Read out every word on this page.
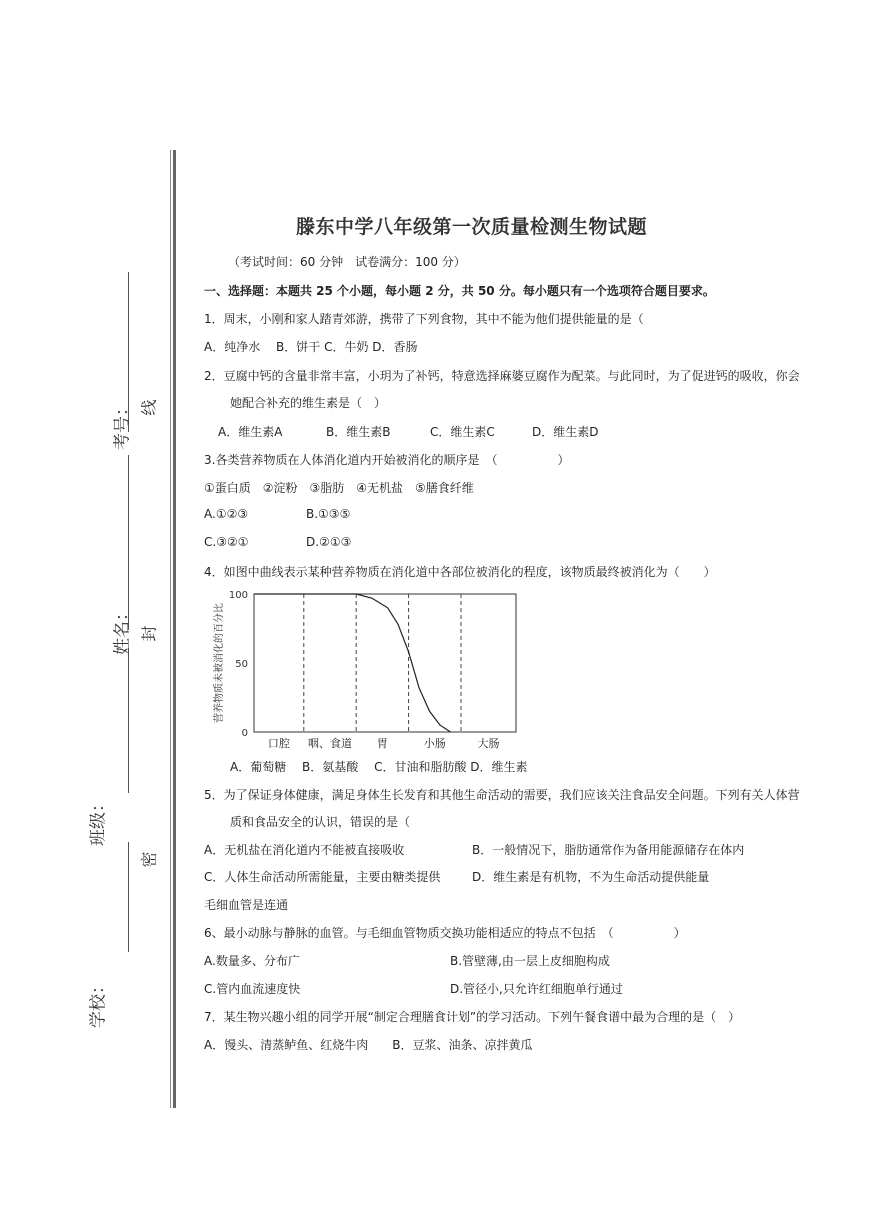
考号：
姓名：
班级：
学校：
线
封
密
滕东中学八年级第一次质量检测生物试题
（考试时间：60 分钟　试卷满分：100 分）
一、选择题：本题共 25 个小题，每小题 2 分，共 50 分。每小题只有一个选项符合题目要求。
1．周末，小刚和家人踏青郊游，携带了下列食物，其中不能为他们提供能量的是（
A．纯净水　 B．饼干 C．牛奶 D．香肠
2．豆腐中钙的含量非常丰富，小玥为了补钙，特意选择麻婆豆腐作为配菜。与此同时，为了促进钙的吸收，你会
她配合补充的维生素是（　）
A．维生素A	B．维生素B	C．维生素C	D．维生素D
3.各类营养物质在人体消化道内开始被消化的顺序是　（　　　　　）
①蛋白质　②淀粉　③脂肪　④无机盐　⑤膳食纤维
A.①②③	B.①③⑤
C.③②①	D.②①③
4．如图中曲线表示某种营养物质在消化道中各部位被消化的程度，该物质最终被消化为（　　）
100
50
0
营养物质未被消化的百分比
口腔 咽、食道 胃	小肠	大肠
A．葡萄糖　 B．氨基酸　 C．甘油和脂肪酸 D．维生素
5．为了保证身体健康，满足身体生长发育和其他生命活动的需要，我们应该关注食品安全问题。下列有关人体营
质和食品安全的认识，错误的是（
A．无机盐在消化道内不能被直接吸收	B．一般情况下，脂肪通常作为备用能源储存在体内
C．人体生命活动所需能量，主要由糖类提供	D．维生素是有机物，不为生命活动提供能量
毛细血管是连通
6、最小动脉与静脉的血管。与毛细血管物质交换功能相适应的特点不包括　（　　　　　）
A.数量多、分布广	B.管壁薄,由一层上皮细胞构成
C.管内血流速度快	D.管径小,只允许红细胞单行通过
7．某生物兴趣小组的同学开展“制定合理膳食计划”的学习活动。下列午餐食谱中最为合理的是（　）
A．馒头、清蒸鲈鱼、红烧牛肉　　B．豆浆、油条、凉拌黄瓜
